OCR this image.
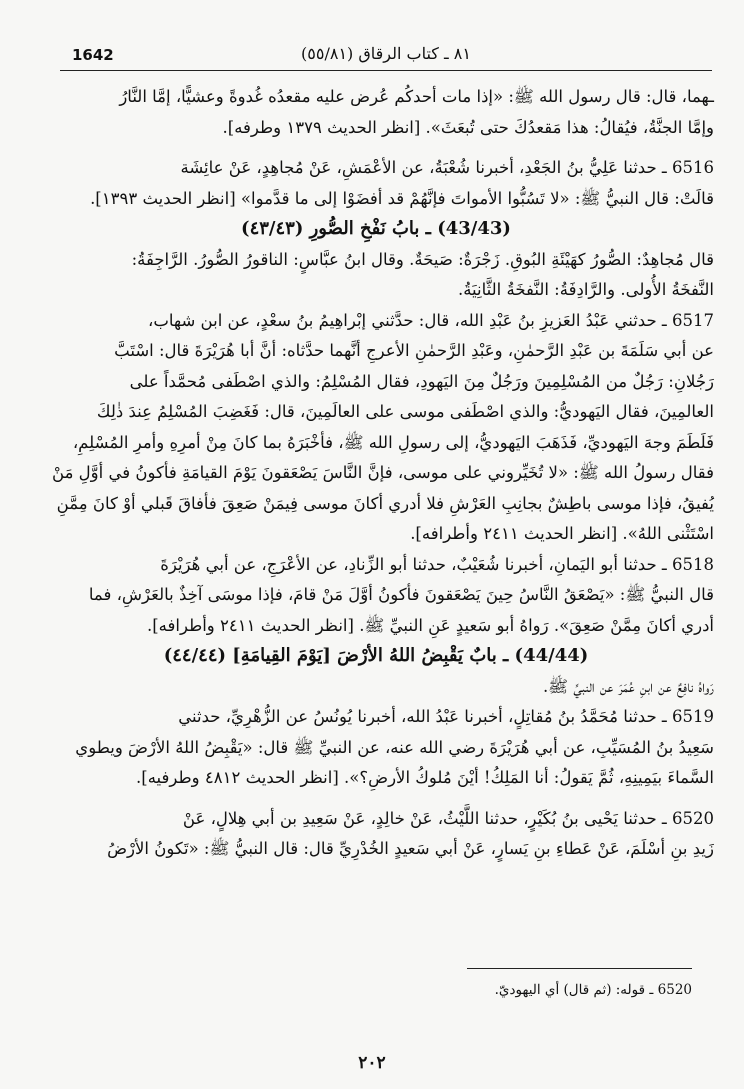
1642	٨١ ـ كتاب الرقاق (٥٥/٨١)

ـهما، قال: قال رسول الله ﷺ: «إذا مات أحدكُم عُرض عليه مقعدُه غُدوةً وعشيًّا، إمَّا النَّارُ

وإمَّا الجنَّةُ، فيُقالُ: هذا مَقعدُكَ حتى تُبعَثَ». [انظر الحديث ١٣٧٩ وطرفه].

6516 ـ حدثنا عَلِيُّ بنُ الجَعْدِ، أخبرنا شُعْبَةُ، عن الأعْمَشِ، عَنْ مُجاهِدٍ، عَنْ عائِشَة

قالَتْ: قال النبيُّ ﷺ: «لا تَسُبُّوا الأمواتَ فإنَّهُمْ قد أفضَوْا إلى ما قدَّموا» [انظر الحديث ١٣٩٣].

(43/43) ـ بابُ نَفْخِ الصُّورِ (٤٣/٤٣)

قال مُجاهِدٌ: الصُّورُ كهَيْئَةِ البُوقِ. زَجْرَةٌ: صَيحَةٌ. وقال ابنُ عبَّاسٍ: الناقورُ الصُّورُ. الرَّاجِفَةُ:

النَّفخَةُ الأُولى. والرَّادِفَةُ: النَّفخَةُ الثَّانِيَةُ.

6517 ـ حدثني عَبْدُ العَزيزِ بنُ عَبْدِ الله، قال: حدَّثني إبْراهِيمُ بنُ سعْدٍ، عن ابن شهاب،

عن أبي سَلَمَةَ بن عَبْدِ الرَّحمٰنِ، وعَبْدِ الرَّحمٰنِ الأعرجِ أنَّهما حدَّثاه: أنَّ أبا هُرَيْرَةَ قال: اسْتَبَّ

رَجُلانِ: رَجُلٌ من المُسْلِمِينَ ورَجُلٌ مِنَ اليَهودِ، فقال المُسْلِمُ: والذي اصْطَفى مُحمَّداً على

العالمِينَ، فقال اليَهوديُّ: والذي اصْطَفى موسى على العالَمِينَ، قال: فَغَضِبَ المُسْلِمُ عِندَ ذٰلِكَ

فَلَطَمَ وجهَ اليَهوديِّ، فَذَهَبَ اليَهوديُّ، إلى رسولِ الله ﷺ، فأخْبَرَهُ بما كانَ مِنْ أمرِهِ وأمرِ المُسْلِمِ،

فقال رسولُ الله ﷺ: «لا تُخَيِّروني على موسى، فإنَّ النَّاسَ يَصْعَقونَ يَوْمَ القيامَةِ فأكونُ في أوَّلِ مَنْ

يُفيقُ، فإذا موسى باطِشٌ بجانِبِ العَرْشِ فلا أدري أكانَ موسى فِيمَنْ صَعِقَ فأفاقَ قَبلي أوْ كانَ مِمَّنِ

اسْتَثْنى اللهُ». [انظر الحديث ٢٤١١ وأطرافه].

6518 ـ حدثنا أبو اليَمانِ، أخبرنا شُعَيْبٌ، حدثنا أبو الزِّنادِ، عن الأعْرَجِ، عن أبي هُرَيْرَةَ

قال النبيُّ ﷺ: «يَصْعَقُ النَّاسُ حِينَ يَصْعَقونَ فأكونُ أوَّلَ مَنْ قامَ، فإذا موسَى آخِذٌ بالعَرْشِ، فما

أدري أكانَ مِمَّنْ صَعِقَ». رَواهُ أبو سَعيدٍ عَنِ النبيِّ ﷺ. [انظر الحديث ٢٤١١ وأطرافه].

(44/44) ـ بابٌ يَقْبِضُ اللهُ الأرْضَ [يَوْمَ القِيامَةِ] (٤٤/٤٤)

رَواهُ نافِعٌ عن ابنِ عُمَرَ عن النبيِّ ﷺ.

6519 ـ حدثنا مُحَمَّدُ بنُ مُقاتِلٍ، أخبرنا عَبْدُ الله، أخبرنا يُونُسُ عن الزُّهْرِيِّ، حدثني

سَعِيدُ بنُ المُسَيِّبِ، عن أبي هُرَيْرَةَ رضي الله عنه، عن النبيِّ ﷺ قال: «يَقْبِضُ اللهُ الأرْضَ ويطوي

السَّماءَ بيَمِينِهِ، ثُمَّ يَقولُ: أنا المَلِكُ! أيْنَ مُلوكُ الأرضِ؟». [انظر الحديث ٤٨١٢ وطرفيه].

6520 ـ حدثنا يَحْيى بنُ بُكَيْرٍ، حدثنا اللَّيْثُ، عَنْ خالِدٍ، عَنْ سَعِيدِ بن أبي هِلالٍ، عَنْ

زَيدِ بنِ أسْلَمَ، عَنْ عَطاءِ بنِ يَسارٍ، عَنْ أبي سَعيدٍ الخُدْرِيِّ قال: قال النبيُّ ﷺ: «تَكونُ الأرْضُ

6520 ـ قوله: (ثم قال) أي اليهوديّ.
٢٠٢
